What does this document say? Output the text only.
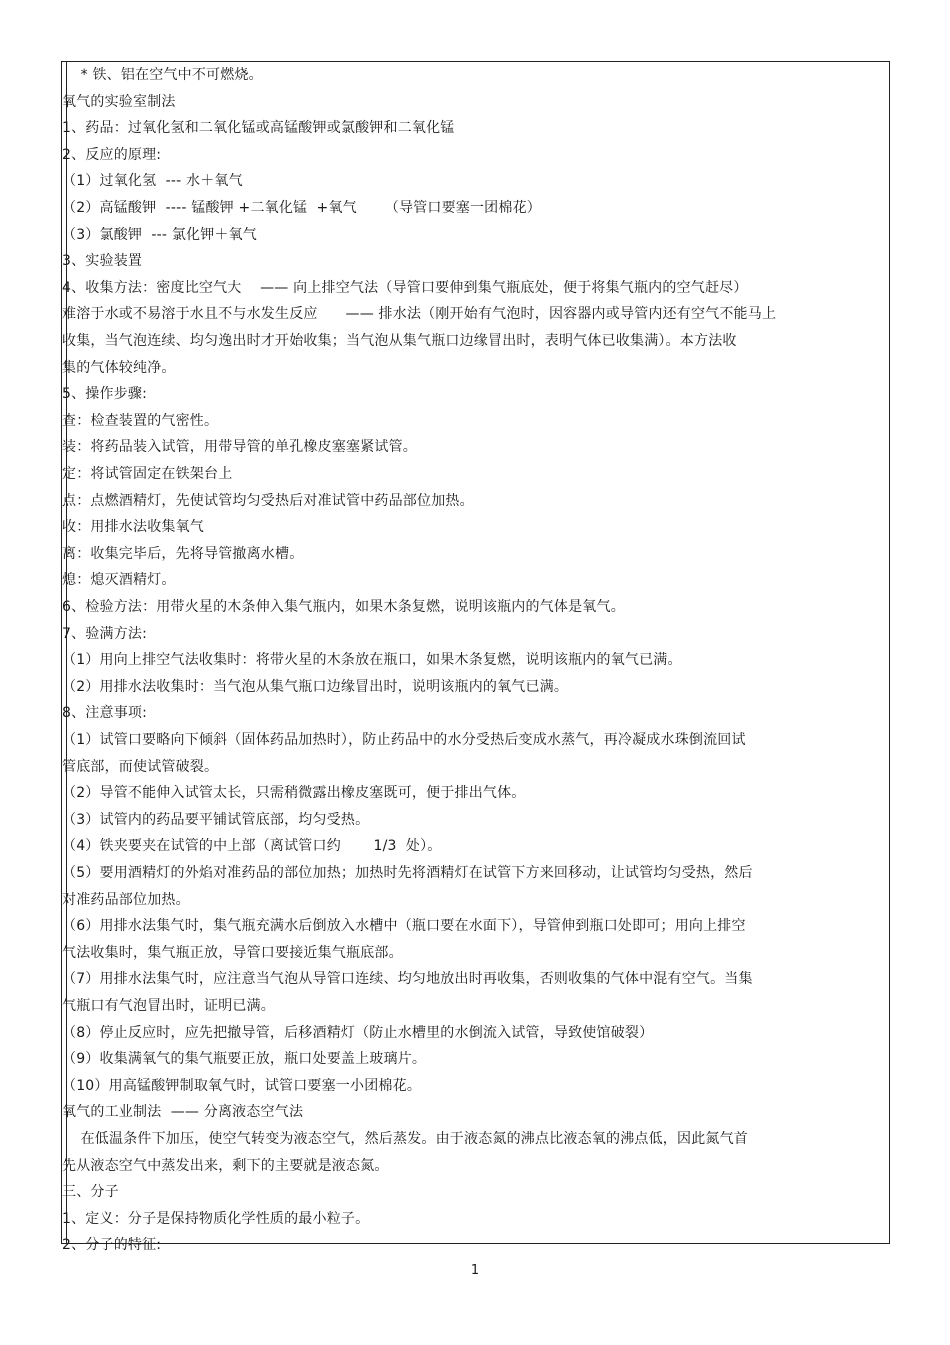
* 铁、铝在空气中不可燃烧。
氧气的实验室制法
1、药品：过氧化氢和二氧化锰或高锰酸钾或氯酸钾和二氧化锰
2、反应的原理:
（1）过氧化氢  --- 水＋氧气
（2）高锰酸钾  ---- 锰酸钾 +二氧化锰  +氧气      （导管口要塞一团棉花）
（3）氯酸钾  --- 氯化钾＋氧气
3、实验装置
4、收集方法：密度比空气大    —— 向上排空气法（导管口要伸到集气瓶底处，便于将集气瓶内的空气赶尽）
难溶于水或不易溶于水且不与水发生反应      —— 排水法（刚开始有气泡时，因容器内或导管内还有空气不能马上
收集，当气泡连续、均匀逸出时才开始收集；当气泡从集气瓶口边缘冒出时，表明气体已收集满）。本方法收
集的气体较纯净。
5、操作步骤:
查：检查装置的气密性。
装：将药品装入试管，用带导管的单孔橡皮塞塞紧试管。
定：将试管固定在铁架台上
点：点燃酒精灯，先使试管均匀受热后对准试管中药品部位加热。
收：用排水法收集氧气
离：收集完毕后，先将导管撤离水槽。
熄：熄灭酒精灯。
6、检验方法：用带火星的木条伸入集气瓶内，如果木条复燃，说明该瓶内的气体是氧气。
7、验满方法:
（1）用向上排空气法收集时：将带火星的木条放在瓶口，如果木条复燃，说明该瓶内的氧气已满。
（2）用排水法收集时：当气泡从集气瓶口边缘冒出时，说明该瓶内的氧气已满。
8、注意事项:
（1）试管口要略向下倾斜（固体药品加热时），防止药品中的水分受热后变成水蒸气，再冷凝成水珠倒流回试
管底部，而使试管破裂。
（2）导管不能伸入试管太长，只需稍微露出橡皮塞既可，便于排出气体。
（3）试管内的药品要平铺试管底部，均匀受热。
（4）铁夹要夹在试管的中上部（离试管口约       1/3  处）。
（5）要用酒精灯的外焰对准药品的部位加热；加热时先将酒精灯在试管下方来回移动，让试管均匀受热，然后
对准药品部位加热。
（6）用排水法集气时，集气瓶充满水后倒放入水槽中（瓶口要在水面下），导管伸到瓶口处即可；用向上排空
气法收集时，集气瓶正放，导管口要接近集气瓶底部。
（7）用排水法集气时，应注意当气泡从导管口连续、均匀地放出时再收集，否则收集的气体中混有空气。当集
气瓶口有气泡冒出时，证明已满。
（8）停止反应时，应先把撤导管，后移酒精灯（防止水槽里的水倒流入试管，导致使馆破裂）
（9）收集满氧气的集气瓶要正放，瓶口处要盖上玻璃片。
（10）用高锰酸钾制取氧气时，试管口要塞一小团棉花。
氧气的工业制法  —— 分离液态空气法
在低温条件下加压，使空气转变为液态空气，然后蒸发。由于液态氮的沸点比液态氧的沸点低，因此氮气首
先从液态空气中蒸发出来，剩下的主要就是液态氮。
三、分子
1、定义：分子是保持物质化学性质的最小粒子。
2、分子的特征:
1
